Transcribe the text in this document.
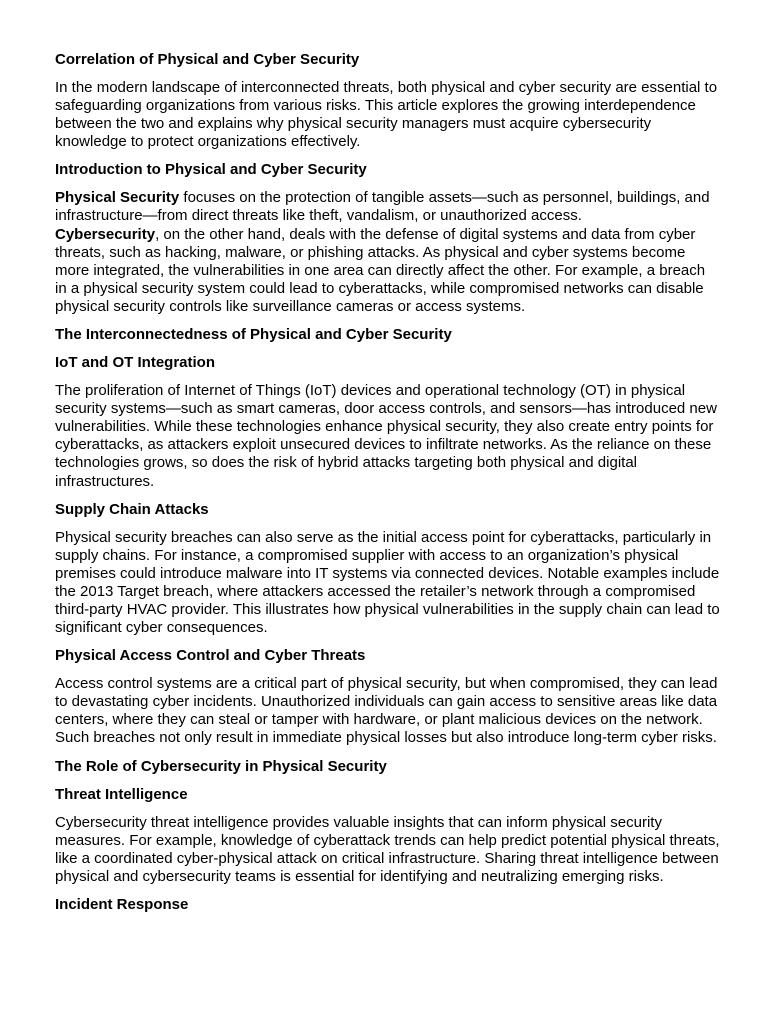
Correlation of Physical and Cyber Security

In the modern landscape of interconnected threats, both physical and cyber security are essential to safeguarding organizations from various risks. This article explores the growing interdependence between the two and explains why physical security managers must acquire cybersecurity knowledge to protect organizations effectively.

Introduction to Physical and Cyber Security

Physical Security focuses on the protection of tangible assets—such as personnel, buildings, and infrastructure—from direct threats like theft, vandalism, or unauthorized access.
Cybersecurity, on the other hand, deals with the defense of digital systems and data from cyber threats, such as hacking, malware, or phishing attacks. As physical and cyber systems become more integrated, the vulnerabilities in one area can directly affect the other. For example, a breach in a physical security system could lead to cyberattacks, while compromised networks can disable physical security controls like surveillance cameras or access systems.

The Interconnectedness of Physical and Cyber Security
IoT and OT Integration

The proliferation of Internet of Things (IoT) devices and operational technology (OT) in physical security systems—such as smart cameras, door access controls, and sensors—has introduced new vulnerabilities. While these technologies enhance physical security, they also create entry points for cyberattacks, as attackers exploit unsecured devices to infiltrate networks. As the reliance on these technologies grows, so does the risk of hybrid attacks targeting both physical and digital infrastructures.

Supply Chain Attacks

Physical security breaches can also serve as the initial access point for cyberattacks, particularly in supply chains. For instance, a compromised supplier with access to an organization’s physical premises could introduce malware into IT systems via connected devices. Notable examples include the 2013 Target breach, where attackers accessed the retailer’s network through a compromised third-party HVAC provider. This illustrates how physical vulnerabilities in the supply chain can lead to significant cyber consequences.

Physical Access Control and Cyber Threats

Access control systems are a critical part of physical security, but when compromised, they can lead to devastating cyber incidents. Unauthorized individuals can gain access to sensitive areas like data centers, where they can steal or tamper with hardware, or plant malicious devices on the network. Such breaches not only result in immediate physical losses but also introduce long-term cyber risks.

The Role of Cybersecurity in Physical Security
Threat Intelligence

Cybersecurity threat intelligence provides valuable insights that can inform physical security measures. For example, knowledge of cyberattack trends can help predict potential physical threats, like a coordinated cyber-physical attack on critical infrastructure. Sharing threat intelligence between physical and cybersecurity teams is essential for identifying and neutralizing emerging risks.

Incident Response
